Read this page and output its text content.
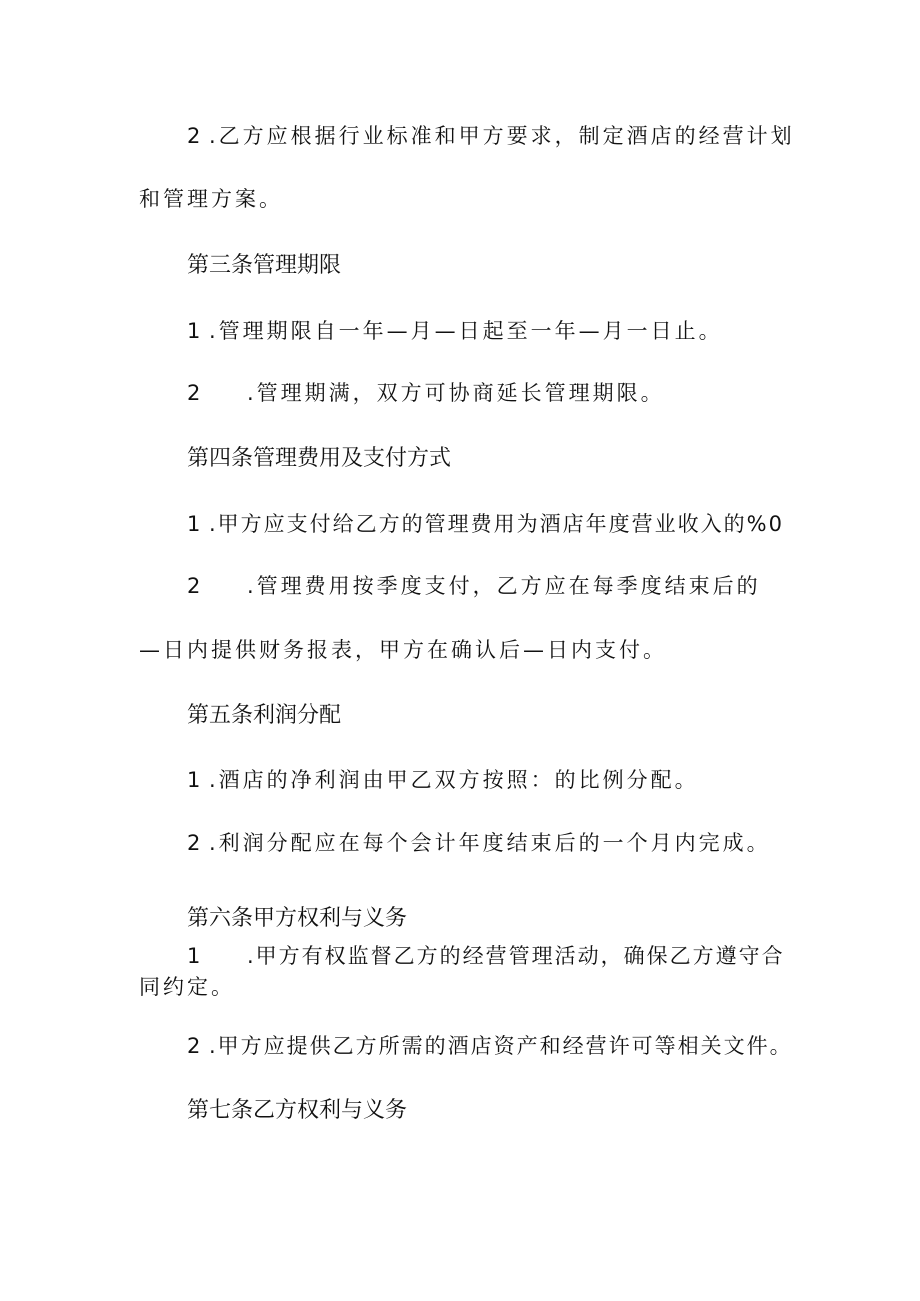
2 .乙方应根据行业标准和甲方要求，制定酒店的经营计划
和管理方案。
第三条管理期限
1 .管理期限自一年—月—日起至一年—月一日止。
2 .管理期满，双方可协商延长管理期限。
第四条管理费用及支付方式
1 .甲方应支付给乙方的管理费用为酒店年度营业收入的%0
2 .管理费用按季度支付，乙方应在每季度结束后的
—日内提供财务报表，甲方在确认后—日内支付。
第五条利润分配
1 .酒店的净利润由甲乙双方按照：的比例分配。
2 .利润分配应在每个会计年度结束后的一个月内完成。
第六条甲方权利与义务
1 .甲方有权监督乙方的经营管理活动，确保乙方遵守合
同约定。
2 .甲方应提供乙方所需的酒店资产和经营许可等相关文件。
第七条乙方权利与义务
